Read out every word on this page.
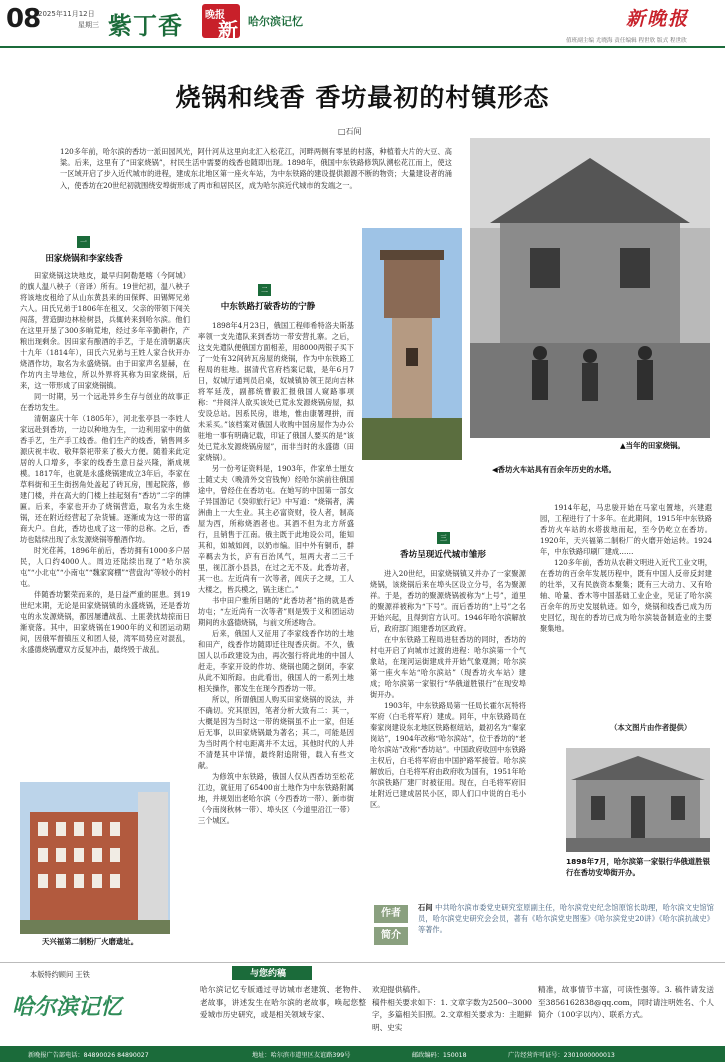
08
2025年11月12日
星期三 紫丁香 晚报
新 哈尔滨记忆	新晚报
值班副主编 尤晓海 责任编辑 程世欣 版式 程世欣
烧锅和线香 香坊最初的村镇形态
□石间
120多年前，哈尔滨的香坊一派田园风光，阿什河从这里向北汇入松花江，河畔两侧有零星的村落，种植着大片的大豆、高粱。后来，这里有了“田家烧锅”，村民生活中需要的线香也随即出现。1898年，俄国中东铁路修筑队溯松花江而上，使这一区域开启了步入近代城市的进程，建成东北地区第一座火车站，为中东铁路的建设提供源源不断的物资；大量建设者的涌入，使香坊在20世纪初就围绕安埠街形成了两市和居民区，成为哈尔滨近代城市的发端之一。
▲当年的田家烧锅。
◀香坊火车站具有百余年历史的水塔。
天兴福第二制粉厂火磨遗址。
1898年7月，哈尔滨第一家银行华俄道胜银行在香坊安埠街开办。
一
田家烧锅和李家线香
田家烧锅这块地皮，最早归阿勒楚喀（今阿城）的旗人温八秧子（音译）所有。19世纪初，温八秧子将该地皮租给了从山东黄县来的田保辉、田锡辉兄弟六人。田氏兄弟于1806年在租又、父亲的带领下闯关闯荡，营造脚边林检树县，兵辄转来到哈尔滨。他们在这里开垦了300多晌荒地，经过多年辛勤耕作，产粮出现剩余。因田家有酿酒的手艺，于是在清朝嘉庆十九年（1814年），田氏六兄弟与王姓人家合伙开办烧酒作坊，取名为永盛烧锅。由于田家声名显赫，在作坊内主导地位，所以外界将其称为田家烧锅，后来，这一带形成了田家烧锅镇。
同一时期，另一个远赴异乡生存与创业的故事正在香坊发生。
清朝嘉庆十年（1805年），河北张亭县一李姓人家远赴到香坊，一边以种地为生，一边利用家中的做香手艺，生产手工线香。他们生产的线香，销售网多源庆祝丰收、敬拜祭祀带来了极大方便。随着来此定居的人口增多，李家的线香生意日益兴隆，渐成规模。1817年，也就是永盛烧锅建成立3年后，李家在草料街和王生街拐角处盖起了砖瓦房，围起院落，修建门楼，并在高大的门楼上挂起刻有“香坊”二字的牌匾。后来，李家也开办了烧锅营造，取名为永生烧锅，还在附近经营起了杂货铺。逐渐成为这一带的富商大户。自此，香坊也成了这一带的总称。之后，香坊也陆续出现了永发源烧锅等酿酒作坊。
时光荏苒，1896年前后，香坊拥有1000多户居民，人口约4000人。周边还陆续出现了“哈尔滨屯”“小北屯”“小南屯”“魏家窝棚”“营盘沟”等较小的村屯。
伴随香坊繁荣而来的，是日益严重的匪患。到19世纪末期，无论是田家烧锅镇的永盛烧锅，还是香坊屯的永发源烧锅，都因屡遭战乱、土匪袭扰劫掠而日渐衰落。其中，田家烧锅在1900年的义和团运动期间，因俄军督镇压义和团人侵，湾军局势应对混乱，永盛德烧锅遭双方反复冲击，最终毁于战乱。
二
中东铁路打破香坊的宁静
1898年4月23日，俄国工程师希特洛夫斯基率领一支先遣队来到香坊一带安营扎寨。之后，这支先遣队便俄国方面相差，用8000两银子买下了一处有32间砖瓦房屋的烧锅，作为中东铁路工程局的驻地。据清代官府档案记载，是年6月7日，奴城厅通判员启桌，奴城镇协领王昆向吉林将军延茂，副都统曹毅汇报俄国人窥路事项称：“井阅洋人欲买该处已荒永发源烧锅房屋，拟安设总站。因系民房，谁地，惟由康署理拼，而未采买。”该档案对俄国人收购中国房屋作为办公驻地一事有明确记载，印证了俄国人要买的是“该处已荒永发源烧锅房屋”，而非当时的永盛德（田家烧锅）。
另一份考证资料是，1903年，作家单士厘女士随丈夫（晚清外交官钱恂）经哈尔滨前往俄国途中，曾经住在香坊屯。在她写的中国第一部女子异国游记《癸卯旅行记》中写道：“烧锅者，满洲曲上一大生业。其主必富资财，役人者，制高屋为西，所称烧酒者也。其酒不但为北方所盛行，且销售于江南。俄主既于此地设公司，能知其和，如城如闾，以奶市编。旧中外有铜币，群辛羁去为长，庐有百治风气，垣两大者二三千里，视江浙小县县，在过之无不及。此香坊者，其一也。左近尚有一次等者，闾庆子之规，工人大楼之，皆兵模之，锅主迷亡。”
书中田户雅所目睹的“此香坊者”指的就是香坊屯；“左近尚有一次等者”则是毁于义和团运动期间的永盛德烧锅，与前文所述吻合。
后来，俄国人又征用了李家线香作坊的土地和田产，线香作坊随即迁往现香庆街。不久，俄国人以币政建设为由，再次强行将此地的中国人赶走，李家开设的作坊、烧锅也随之倒闭，李家从此不知所踪。由此看出，俄国人的一系列土地相关操作，都发生在现今西香坊一带。
所以，所谓俄国人购买田家烧锅的说法，并不确切。究其原因，笔者分析大致有二：其一，大概是因为当时这一带的烧锅虽不止一家，但延后无事，以田家烧锅最为著名；其二，可能是因为当时两个村屯距离并不太远，其他时代的人并不清楚其中详情，最终附追附错，载入有些文献。
为修筑中东铁路，俄国人仅从西香坊至松花江边，就征用了65400亩土地作为中东铁路附属地，并规划出老哈尔滨（今西香坊一带）、新市街（今南岗秋林一带）、埠头区（今道里沿江一带）三个城区。
三
香坊呈现近代城市雏形
进入20世纪，田家烧锅镇又并办了一家聚源烧锅，该烧锅后来在埠头区设立分号，名为聚源祥。于是，香坊的聚源烧锅被称为“上号”，道里的聚源祥被称为“下号”。而后香坊的“上号”之名开始兴起，且得到官方认可。1946年哈尔滨解放后，政府部门组建香坊区政府。
在中东铁路工程局进驻香坊的同时，香坊的村屯开启了向城市过渡的进程：哈尔滨第一个气象站，在现河运街建成并开始气象观测；哈尔滨第一座火车站“哈尔滨站”（现香坊火车站）建成；哈尔滨第一家银行“华俄道胜银行”在现安埠街开办。
1903年，中东铁路局第一任局长霍尔瓦特将军府（白毛将军府）建成。同年，中东铁路局在秦家岗建设东北地区铁路枢纽站，最初名为“秦家岗站”，1904年改称“哈尔滨站”，位于香坊的“老哈尔滨站”改称“香坊站”。中国政府收回中东铁路主权后，白毛将军府由中国护路军接管。哈尔滨解放后，白毛将军府由政府收为国有，1951年哈尔滨铁路厂建厂时被征用。现在，白毛将军府旧址附近已建成居民小区，即人们口中说的白毛小区。
1914年起，马忠骏开始在马家屯置地，兴建遐园，工程进行了十多年。在此期间，1915年中东铁路香坊火车站的水塔拔地而起，至今仍屹立在香坊。1920年，天兴福第二制粉厂的火磨开始运转。1924年，中东铁路印刷厂建成……
120多年前，香坊从农耕文明进入近代工业文明，在香坊的百余年发展历程中，既有中国人反帝反封建的壮举，又有民族资本聚集；既有三大动力、又有哈轴、哈量、香木等中国基础工业企业，见证了哈尔滨百余年的历史发展轨迹。如今，烧锅和线香已成为历史回忆，现在的香坊已成为哈尔滨装备制造业的主要聚集地。
（本文图片由作者提供）
作者
简介
石间 中共哈尔滨市委党史研究室原副主任，哈尔滨党史纪念馆原馆长助理，哈尔滨文史馆馆员，哈尔滨党史研究会会员，著有《哈尔滨党史图鉴》《哈尔滨党史20讲》《哈尔滨抗战史》等著作。
本版特约顾问 王铁
哈尔滨记忆
与您约稿
哈尔滨记忆专版通过寻访城市老建筑、老物件、老故事，讲述发生在哈尔滨的老故事，唤起您整爱城市历史研究，或是相关领域专家、
欢迎提供稿件。
稿件相关要求如下：1. 文章字数为2500--3000字，多篇相关旧照。2.文章相关要求为：主题鲜明、史实
精准，故事情节丰富，可读性强等。3. 稿件请发送至3856162838@qq.com，同时请注明姓名、个人简介（100字以内）、联系方式。
新晚报广告部电话：84890026 84890027	地址：哈尔滨市道里区友谊路399号	邮政编码：150018	广告经营许可证号：2301000000013
